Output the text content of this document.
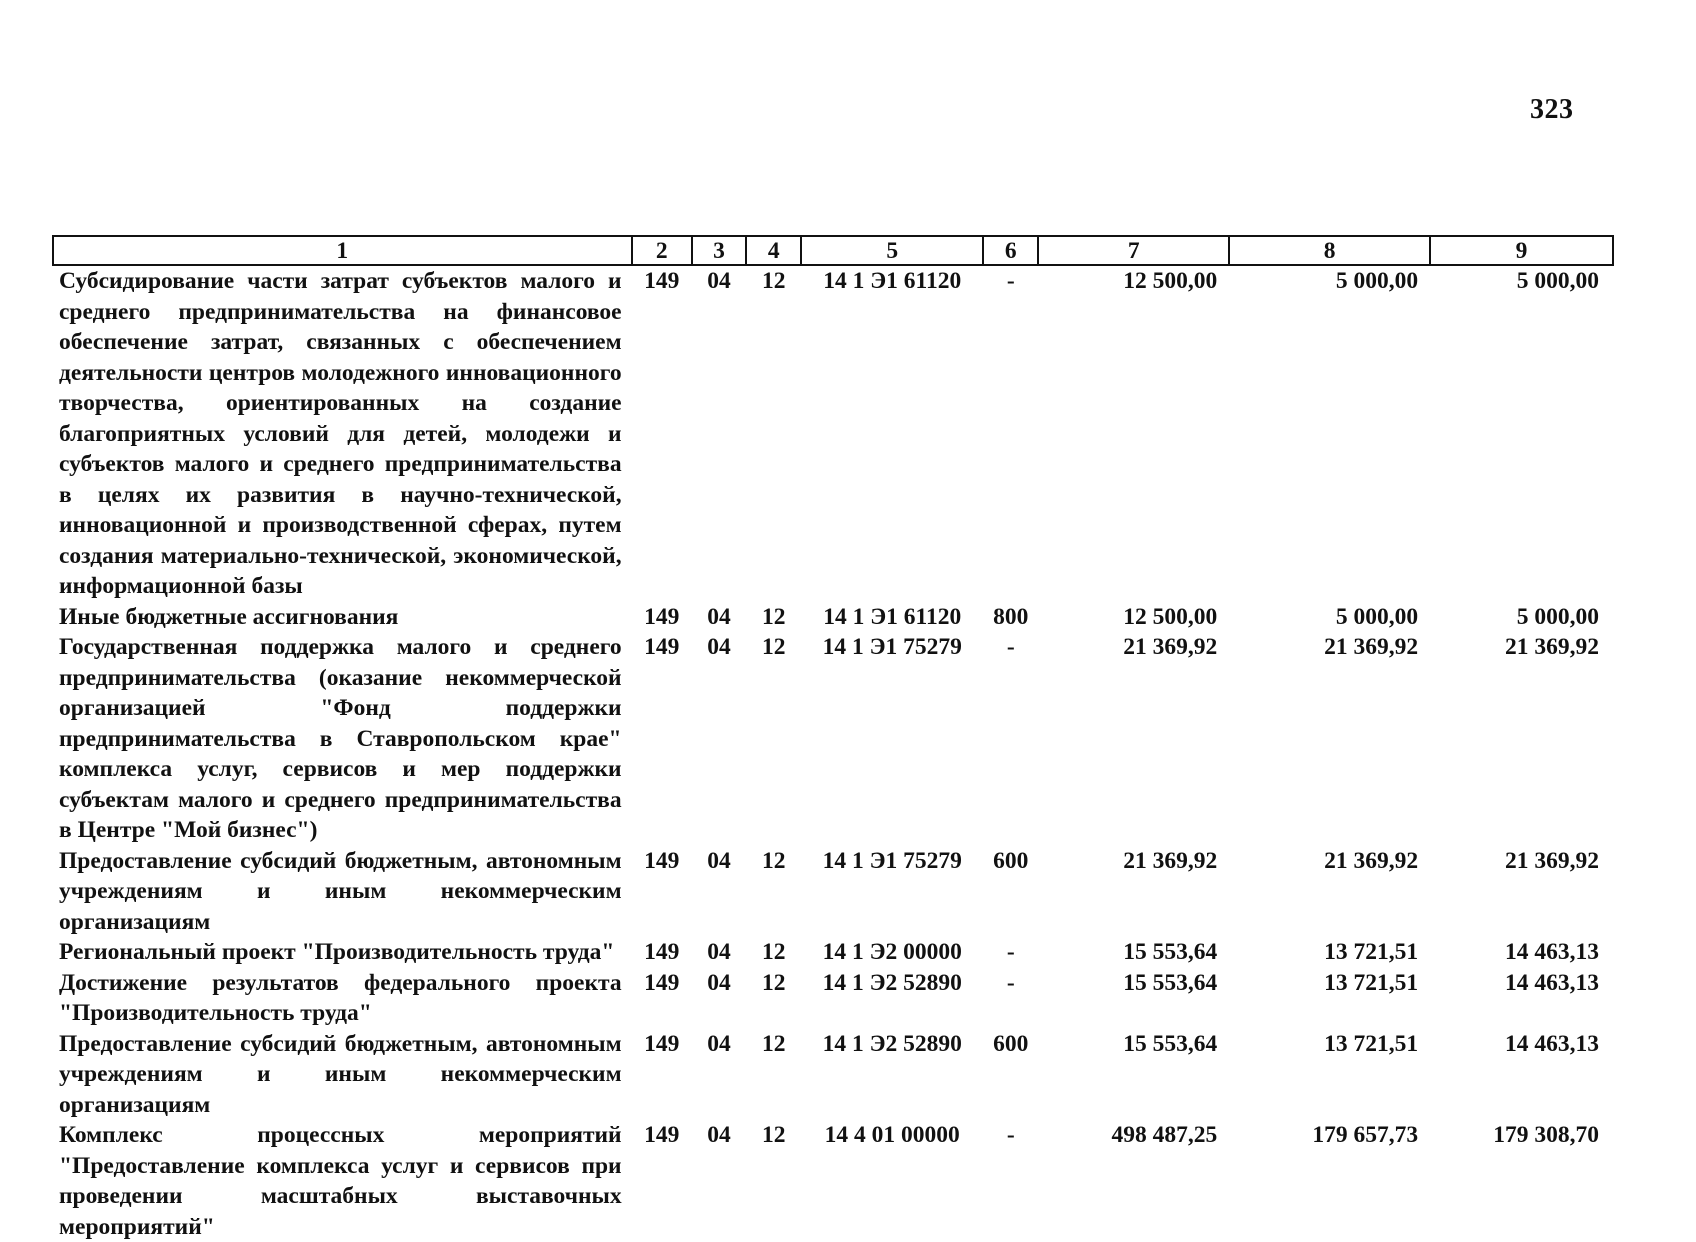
323
1	2	3	4	5	6	7	8	9
Субсидирование части затрат субъектов малого и среднего предпринимательства на финансовое обеспечение затрат, связанных с обеспечением деятельности центров молодежного инновационного творчества, ориентированных на создание благоприятных условий для детей, молодежи и субъектов малого и среднего предпринимательства в целях их развития в научно-технической, инновационной и производственной сферах, путем создания материально-технической, экономической, информационной базы	149	04	12	14 1 Э1 61120	-	12 500,00	5 000,00	5 000,00
Иные бюджетные ассигнования	149	04	12	14 1 Э1 61120	800	12 500,00	5 000,00	5 000,00
Государственная поддержка малого и среднего предпринимательства (оказание некоммерческой организацией "Фонд поддержки предпринимательства в Ставропольском крае" комплекса услуг, сервисов и мер поддержки субъектам малого и среднего предпринимательства в Центре "Мой бизнес")	149	04	12	14 1 Э1 75279	-	21 369,92	21 369,92	21 369,92
Предоставление субсидий бюджетным, автономным учреждениям и иным некоммерческим организациям	149	04	12	14 1 Э1 75279	600	21 369,92	21 369,92	21 369,92
Региональный проект "Производительность труда"	149	04	12	14 1 Э2 00000	-	15 553,64	13 721,51	14 463,13
Достижение результатов федерального проекта "Производительность труда"	149	04	12	14 1 Э2 52890	-	15 553,64	13 721,51	14 463,13
Предоставление субсидий бюджетным, автономным учреждениям и иным некоммерческим организациям	149	04	12	14 1 Э2 52890	600	15 553,64	13 721,51	14 463,13
Комплекс процессных мероприятий "Предоставление комплекса услуг и сервисов при проведении масштабных выставочных мероприятий"	149	04	12	14 4 01 00000	-	498 487,25	179 657,73	179 308,70
